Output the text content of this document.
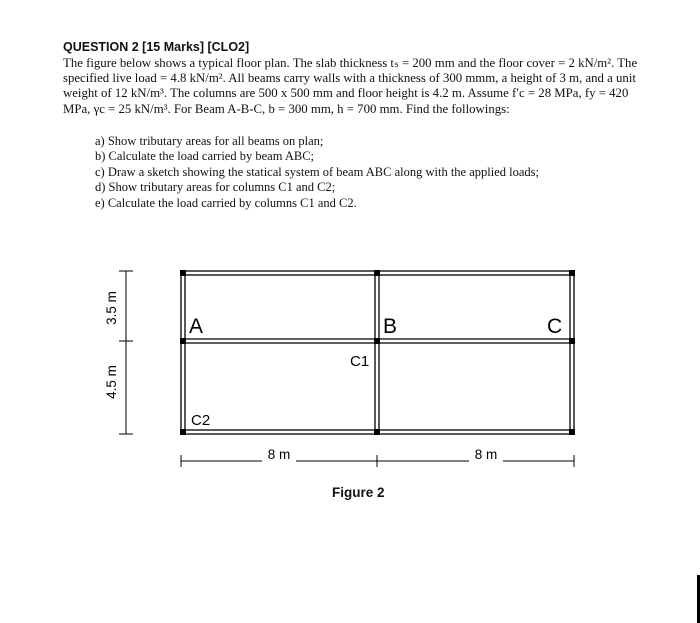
QUESTION 2 [15 Marks] [CLO2]
The figure below shows a typical floor plan. The slab thickness tₛ = 200 mm and the floor cover = 2 kN/m². The
specified live load = 4.8 kN/m². All beams carry walls with a thickness of 300 mmm, a height of 3 m, and a unit
weight of 12 kN/m³. The columns are 500 x 500 mm and floor height is 4.2 m. Assume f′c = 28 MPa, fy = 420
MPa, γc = 25 kN/m³. For Beam A-B-C, b = 300 mm, h = 700 mm. Find the followings:
a) Show tributary areas for all beams on plan;
b) Calculate the load carried by beam ABC;
c) Draw a sketch showing the statical system of beam ABC along with the applied loads;
d) Show tributary areas for columns C1 and C2;
e) Calculate the load carried by columns C1 and C2.
A	B	C
C1
C2
3.5 m
4.5 m
8 m	8 m
Figure 2
